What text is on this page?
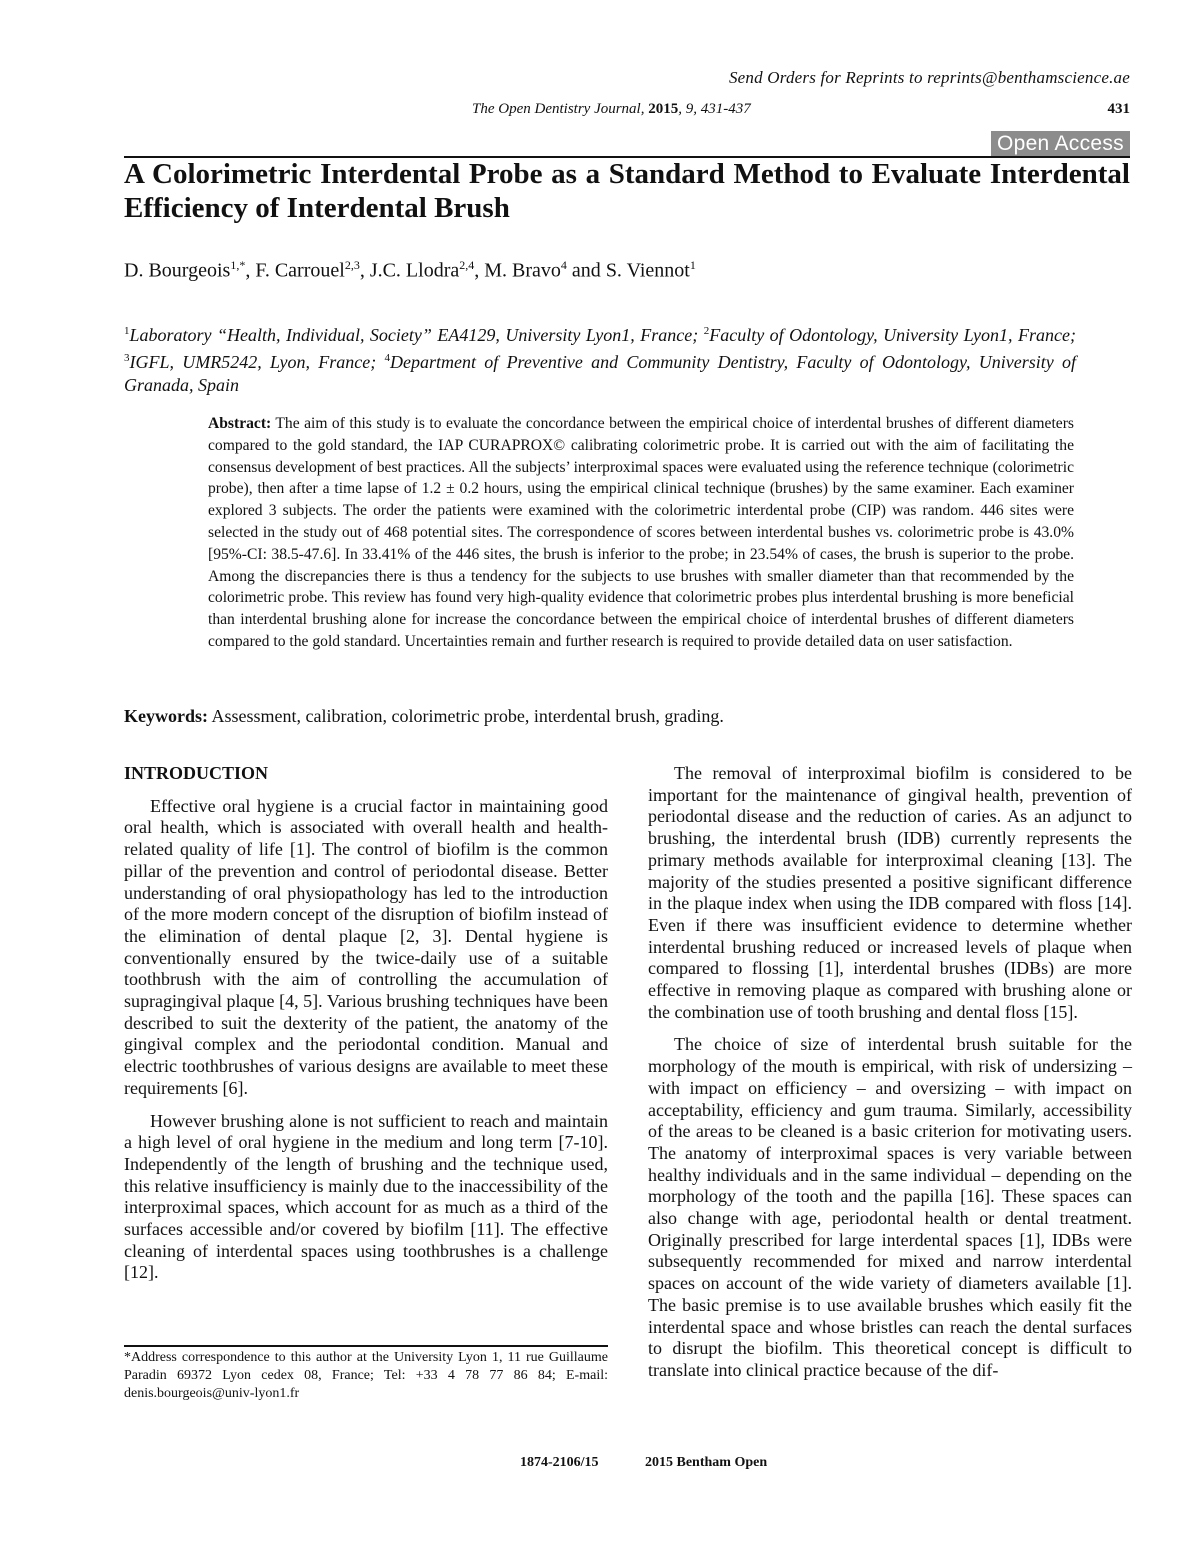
Send Orders for Reprints to reprints@benthamscience.ae
The Open Dentistry Journal, 2015, 9, 431-437	431
Open Access
A Colorimetric Interdental Probe as a Standard Method to Evaluate Interdental Efficiency of Interdental Brush
D. Bourgeois$^{1,*}$, F. Carrouel$^{2,3}$, J.C. Llodra$^{2,4}$, M. Bravo$^4$ and S. Viennot$^1$
$^1$Laboratory “Health, Individual, Society” EA4129, University Lyon1, France; $^2$Faculty of Odontology, University Lyon1, France; $^3$IGFL, UMR5242, Lyon, France; $^4$Department of Preventive and Community Dentistry, Faculty of Odontology, University of Granada, Spain
Abstract: The aim of this study is to evaluate the concordance between the empirical choice of interdental brushes of different diameters compared to the gold standard, the IAP CURAPROX© calibrating colorimetric probe. It is carried out with the aim of facilitating the consensus development of best practices. All the subjects’ interproximal spaces were evaluated using the reference technique (colorimetric probe), then after a time lapse of 1.2 ± 0.2 hours, using the empirical clinical technique (brushes) by the same examiner. Each examiner explored 3 subjects. The order the patients were examined with the colorimetric interdental probe (CIP) was random. 446 sites were selected in the study out of 468 potential sites. The correspondence of scores between interdental bushes vs. colorimetric probe is 43.0% [95%-CI: 38.5-47.6]. In 33.41% of the 446 sites, the brush is inferior to the probe; in 23.54% of cases, the brush is superior to the probe. Among the discrepancies there is thus a tendency for the subjects to use brushes with smaller diameter than that recommended by the colorimetric probe. This review has found very high-quality evidence that colorimetric probes plus interdental brushing is more beneficial than interdental brushing alone for increase the concordance between the empirical choice of interdental brushes of different diameters compared to the gold standard. Uncertainties remain and further research is required to provide detailed data on user satisfaction.
Keywords: Assessment, calibration, colorimetric probe, interdental brush, grading.
INTRODUCTION

Effective oral hygiene is a crucial factor in maintaining good oral health, which is associated with overall health and health-related quality of life [1]. The control of biofilm is the common pillar of the prevention and control of periodontal disease. Better understanding of oral physiopathology has led to the introduction of the more modern concept of the disruption of biofilm instead of the elimination of dental plaque [2, 3]. Dental hygiene is conventionally ensured by the twice-daily use of a suitable toothbrush with the aim of controlling the accumulation of supragingival plaque [4, 5]. Various brushing techniques have been described to suit the dexterity of the patient, the anatomy of the gingival complex and the periodontal condition. Manual and electric toothbrushes of various designs are available to meet these requirements [6].

However brushing alone is not sufficient to reach and maintain a high level of oral hygiene in the medium and long term [7-10]. Independently of the length of brushing and the technique used, this relative insufficiency is mainly due to the inaccessibility of the interproximal spaces, which account for as much as a third of the surfaces accessible and/or covered by biofilm [11]. The effective cleaning of interdental spaces using toothbrushes is a challenge [12].

The removal of interproximal biofilm is considered to be important for the maintenance of gingival health, prevention of periodontal disease and the reduction of caries. As an adjunct to brushing, the interdental brush (IDB) currently represents the primary methods available for interproximal cleaning [13]. The majority of the studies presented a positive significant difference in the plaque index when using the IDB compared with floss [14]. Even if there was insufficient evidence to determine whether interdental brushing reduced or increased levels of plaque when compared to flossing [1], interdental brushes (IDBs) are more effective in removing plaque as compared with brushing alone or the combination use of tooth brushing and dental floss [15].

The choice of size of interdental brush suitable for the morphology of the mouth is empirical, with risk of undersizing – with impact on efficiency – and oversizing – with impact on acceptability, efficiency and gum trauma. Similarly, accessibility of the areas to be cleaned is a basic criterion for motivating users. The anatomy of interproximal spaces is very variable between healthy individuals and in the same individual – depending on the morphology of the tooth and the papilla [16]. These spaces can also change with age, periodontal health or dental treatment. Originally prescribed for large interdental spaces [1], IDBs were subsequently recommended for mixed and narrow interdental spaces on account of the wide variety of diameters available [1]. The basic premise is to use available brushes which easily fit the interdental space and whose bristles can reach the dental surfaces to disrupt the biofilm. This theoretical concept is difficult to translate into clinical practice because of the dif-

*Address correspondence to this author at the University Lyon 1, 11 rue Guillaume Paradin 69372 Lyon cedex 08, France; Tel: +33 4 78 77 86 84; E-mail: denis.bourgeois@univ-lyon1.fr
1874-2106/15	2015 Bentham Open
